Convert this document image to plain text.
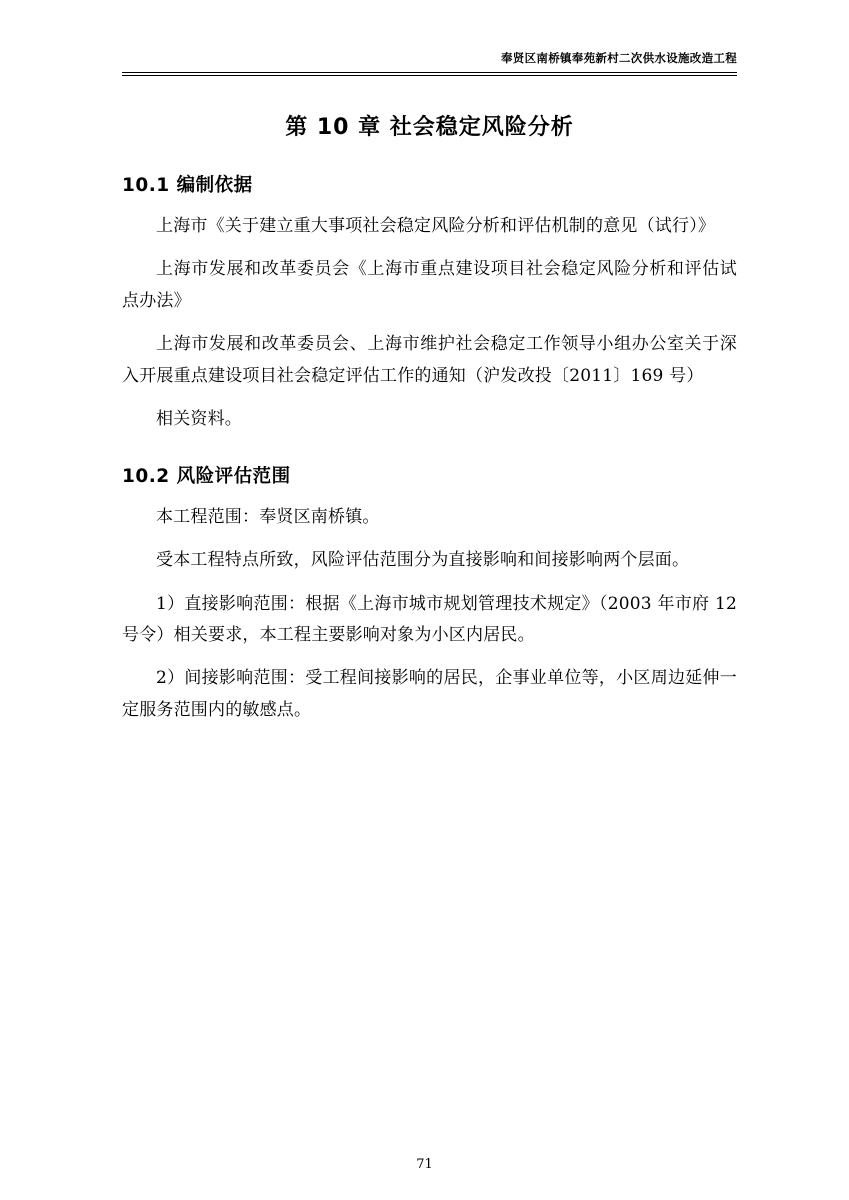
奉贤区南桥镇奉苑新村二次供水设施改造工程
第 10 章 社会稳定风险分析
10.1 编制依据

上海市《关于建立重大事项社会稳定风险分析和评估机制的意见（试行）》

上海市发展和改革委员会《上海市重点建设项目社会稳定风险分析和评估试点办法》

上海市发展和改革委员会、上海市维护社会稳定工作领导小组办公室关于深入开展重点建设项目社会稳定评估工作的通知（沪发改投〔2011〕169 号）

相关资料。

10.2 风险评估范围

本工程范围：奉贤区南桥镇。

受本工程特点所致，风险评估范围分为直接影响和间接影响两个层面。

1）直接影响范围：根据《上海市城市规划管理技术规定》（2003 年市府 12 号令）相关要求，本工程主要影响对象为小区内居民。

2）间接影响范围：受工程间接影响的居民，企事业单位等，小区周边延伸一定服务范围内的敏感点。

71
